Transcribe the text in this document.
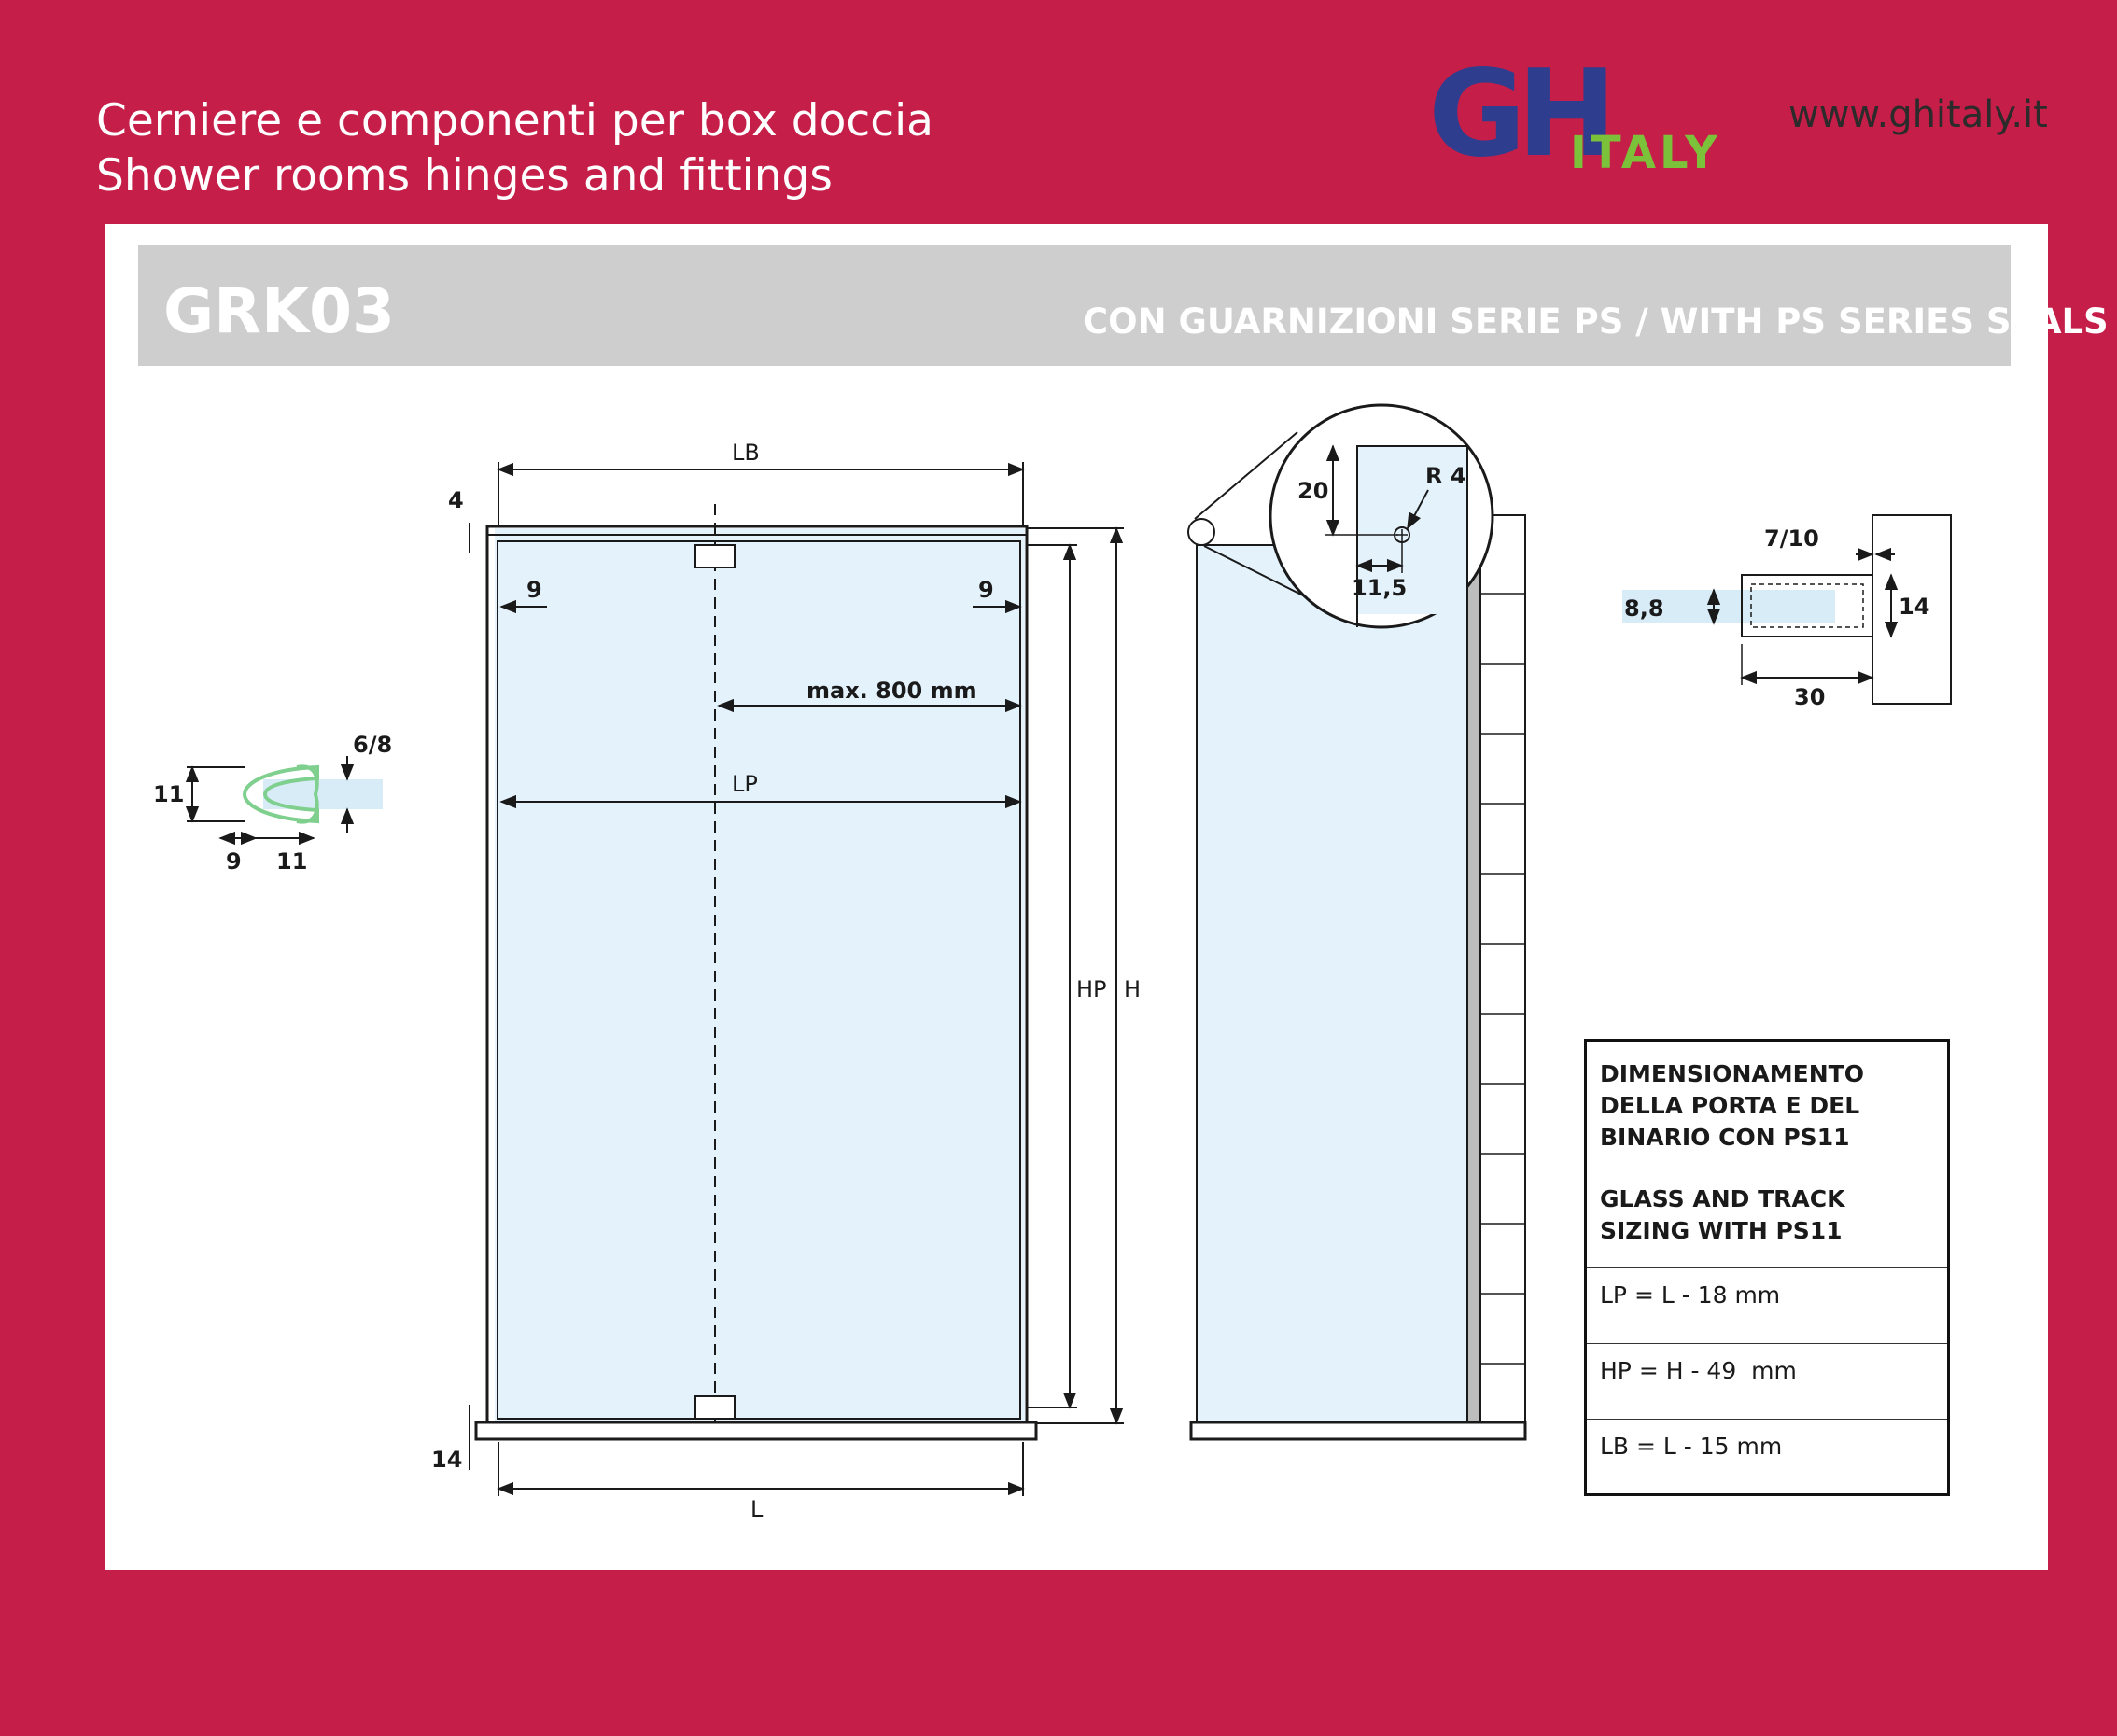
Cerniere e componenti per box doccia
Shower rooms hinges and fittings	GH
ITALY
www.ghitaly.it
GRK03	CON GUARNIZIONI SERIE PS / WITH PS SERIES SEALS
LB
L
LP
max. 800 mm
HP H
4
14
9	9
11
6/8
9 11
20
R 4
11,5
7/10
8,8	14
30

DIMENSIONAMENTO DELLA PORTA E DEL BINARIO CON PS11

GLASS AND TRACK SIZING WITH PS11

LP = L - 18 mm
HP = H - 49  mm
LB = L - 15 mm
